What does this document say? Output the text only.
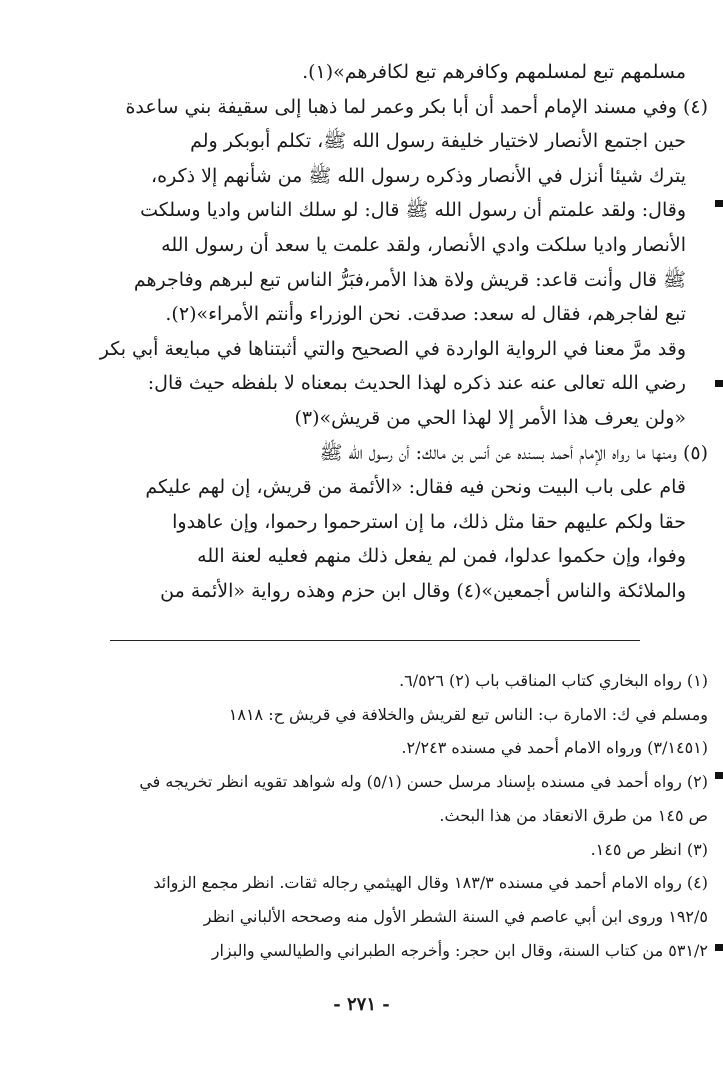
مسلمهم تبع لمسلمهم وكافرهم تبع لكافرهم»(١).
(٤) وفي مسند الإمام أحمد أن أبا بكر وعمر لما ذهبا إلى سقيفة بني ساعدة
حين اجتمع الأنصار لاختيار خليفة رسول الله ﷺ، تكلم أبوبكر ولم
يترك شيئا أنزل في الأنصار وذكره رسول الله ﷺ من شأنهم إلا ذكره،
وقال: ولقد علمتم أن رسول الله ﷺ قال: لو سلك الناس واديا وسلكت
الأنصار واديا سلكت وادي الأنصار، ولقد علمت يا سعد أن رسول الله
ﷺ قال وأنت قاعد: قريش ولاة هذا الأمر،فبَرُّ الناس تبع لبرهم وفاجرهم
تبع لفاجرهم، فقال له سعد: صدقت. نحن الوزراء وأنتم الأمراء»(٢).
وقد مرَّ معنا في الرواية الواردة في الصحيح والتي أثبتناها في مبايعة أبي بكر
رضي الله تعالى عنه عند ذكره لهذا الحديث بمعناه لا بلفظه حيث قال:
«ولن يعرف هذا الأمر إلا لهذا الحي من قريش»(٣)
(٥) ومنها ما رواه الإمام أحمد بسنده عن أنس بن مالك: أن رسول الله ﷺ
قام على باب البيت ونحن فيه فقال: «الأئمة من قريش، إن لهم عليكم
حقا ولكم عليهم حقا مثل ذلك، ما إن استرحموا رحموا، وإن عاهدوا
وفوا، وإن حكموا عدلوا، فمن لم يفعل ذلك منهم فعليه لعنة الله
والملائكة والناس أجمعين»(٤) وقال ابن حزم وهذه رواية «الأئمة من
(١) رواه البخاري كتاب المناقب باب (٢) ٦/٥٢٦.
ومسلم في ك: الامارة ب: الناس تبع لقريش والخلافة في قريش ح: ١٨١٨
(٣/١٤٥١) ورواه الامام أحمد في مسنده ٢/٢٤٣.
(٢) رواه أحمد في مسنده بإسناد مرسل حسن (٥/١) وله شواهد تقويه انظر تخريجه في
ص ١٤٥ من طرق الانعقاد من هذا البحث.
(٣) انظر ص ١٤٥.
(٤) رواه الامام أحمد في مسنده ١٨٣/٣ وقال الهيثمي رجاله ثقات. انظر مجمع الزوائد
١٩٢/٥ وروى ابن أبي عاصم في السنة الشطر الأول منه وصححه الألباني انظر
٥٣١/٢ من كتاب السنة، وقال ابن حجر: وأخرجه الطبراني والطيالسي والبزار
- ٢٧١ -
